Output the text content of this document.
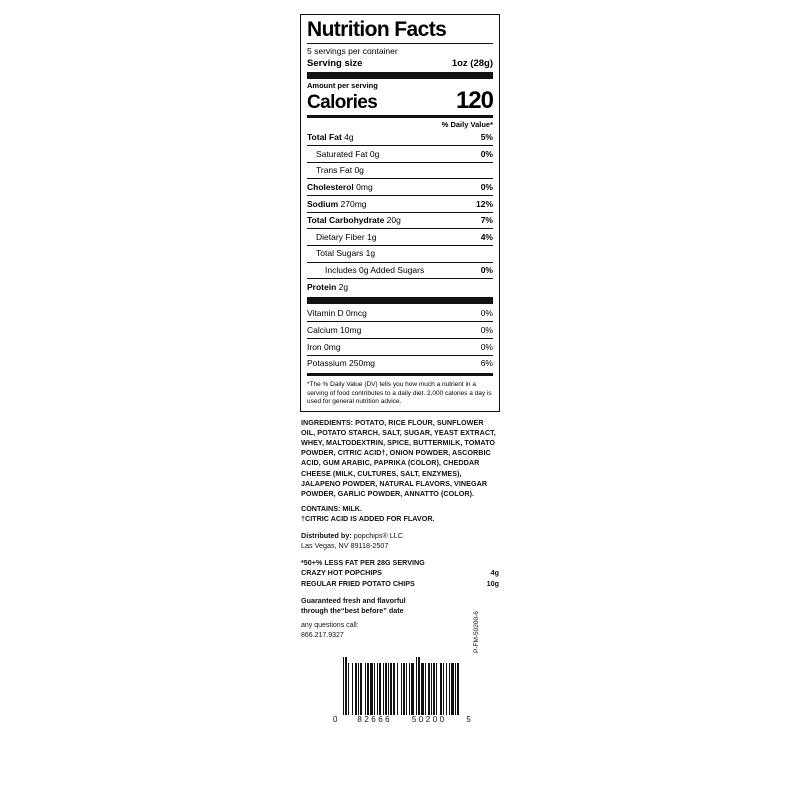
Nutrition Facts
5 servings per container
Serving size	1oz (28g)
Amount per serving
Calories	120
% Daily Value*
Total Fat 4g	5%
Saturated Fat 0g	0%
Trans Fat 0g
Cholesterol 0mg	0%
Sodium 270mg	12%
Total Carbohydrate 20g	7%
Dietary Fiber 1g	4%
Total Sugars 1g
Includes 0g Added Sugars	0%
Protein 2g
Vitamin D 0mcg	0%
Calcium 10mg	0%
Iron 0mg	0%
Potassium 250mg	6%
*The % Daily Value (DV) tells you how much a nutrient in a serving of food contributes to a daily diet. 2,000 calories a day is used for general nutrition advice.
INGREDIENTS: POTATO, RICE FLOUR, SUNFLOWER OIL, POTATO STARCH, SALT, SUGAR, YEAST EXTRACT, WHEY, MALTODEXTRIN, SPICE, BUTTERMILK, TOMATO POWDER, CITRIC ACID†, ONION POWDER, ASCORBIC ACID, GUM ARABIC, PAPRIKA (COLOR), CHEDDAR CHEESE (MILK, CULTURES, SALT, ENZYMES), JALAPENO POWDER, NATURAL FLAVORS, VINEGAR POWDER, GARLIC POWDER, ANNATTO (COLOR).
CONTAINS: MILK.
†CITRIC ACID IS ADDED FOR FLAVOR.
Distributed by: popchips® LLC
Las Vegas, NV 89118-2507
*50+% LESS FAT PER 28G SERVING
CRAZY HOT POPCHIPS	4g
REGULAR FRIED POTATO CHIPS	10g
Guaranteed fresh and flavorful
through the“best before” date
any questions call:
866.217.9327
0 82666 50200 5
P-FM-50200-6
